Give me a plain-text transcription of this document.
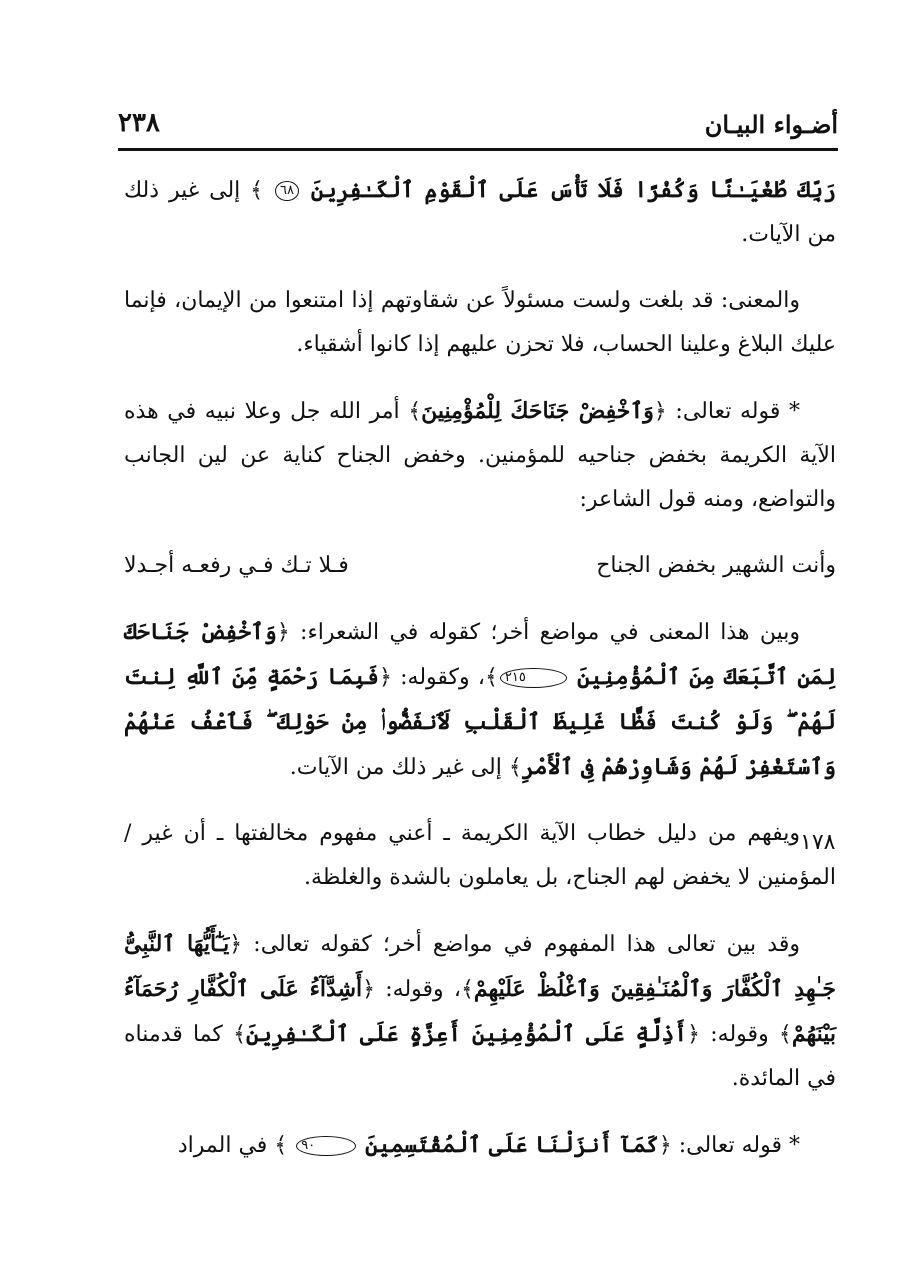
٢٣٨	أضـواء البيـان
١٧٨

رَبِّكَ طُغْيَـٰنًا وَكُفْرًا فَلَا تَأْسَ عَلَى ٱلْقَوْمِ ٱلْكَـٰفِرِينَ ٦٨ ﴾ إلى غير ذلك من الآيات.

والمعنى: قد بلغت ولست مسئولاً عن شقاوتهم إذا امتنعوا من الإيمان، فإنما عليك البلاغ وعلينا الحساب، فلا تحزن عليهم إذا كانوا أشقياء.

* قوله تعالى: ﴿وَٱخْفِضْ جَنَاحَكَ لِلْمُؤْمِنِينَ﴾ أمر الله جل وعلا نبيه في هذه الآية الكريمة بخفض جناحيه للمؤمنين. وخفض الجناح كناية عن لين الجانب والتواضع، ومنه قول الشاعر:

وأنت الشهير بخفض الجناح
فـلا تـك فـي رفعـه أجـدلا

وبين هذا المعنى في مواضع أخر؛ كقوله في الشعراء: ﴿وَٱخْفِضْ جَنَاحَكَ لِمَنِ ٱتَّبَعَكَ مِنَ ٱلْمُؤْمِنِينَ ٢١٥﴾، وكقوله: ﴿فَبِمَا رَحْمَةٍ مِّنَ ٱللَّهِ لِنتَ لَهُمْ ۖ وَلَوْ كُنتَ فَظًّا غَلِيظَ ٱلْقَلْبِ لَٱنفَضُّوا۟ مِنْ حَوْلِكَ ۖ فَٱعْفُ عَنْهُمْ وَٱسْتَغْفِرْ لَهُمْ وَشَاوِرْهُمْ فِى ٱلْأَمْرِ﴾ إلى غير ذلك من الآيات.

ويفهم من دليل خطاب الآية الكريمة ـ أعني مفهوم مخالفتها ـ أن غير / المؤمنين لا يخفض لهم الجناح، بل يعاملون بالشدة والغلظة.

وقد بين تعالى هذا المفهوم في مواضع أخر؛ كقوله تعالى: ﴿يَـٰٓأَيُّهَا ٱلنَّبِىُّ جَـٰهِدِ ٱلْكُفَّارَ وَٱلْمُنَـٰفِقِينَ وَٱغْلُظْ عَلَيْهِمْ﴾، وقوله: ﴿أَشِدَّآءُ عَلَى ٱلْكُفَّارِ رُحَمَآءُ بَيْنَهُمْ﴾ وقوله: ﴿أَذِلَّةٍ عَلَى ٱلْمُؤْمِنِينَ أَعِزَّةٍ عَلَى ٱلْكَـٰفِرِينَ﴾ كما قدمناه في المائدة.

* قوله تعالى: ﴿كَمَآ أَنزَلْنَا عَلَى ٱلْمُقْتَسِمِينَ ٩٠ ﴾ في المراد
